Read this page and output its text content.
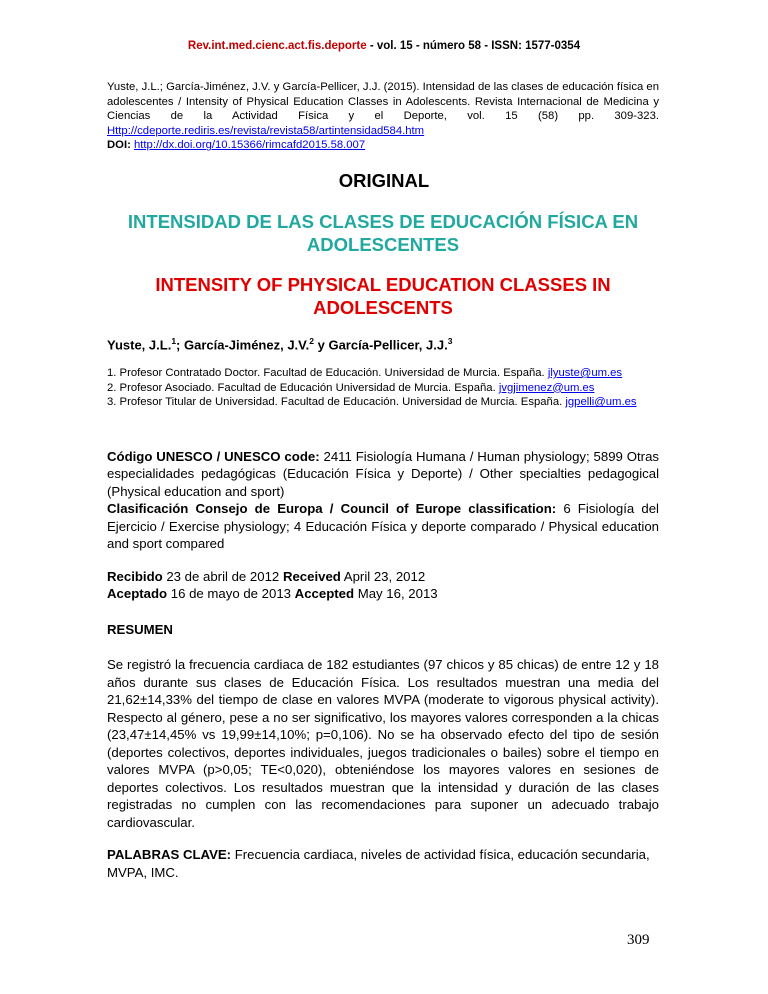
Rev.int.med.cienc.act.fis.deporte - vol. 15 - número 58 - ISSN: 1577-0354
Yuste, J.L.; García-Jiménez, J.V. y García-Pellicer, J.J. (2015). Intensidad de las clases de educación física en adolescentes / Intensity of Physical Education Classes in Adolescents. Revista Internacional de Medicina y Ciencias de la Actividad Física y el Deporte, vol. 15 (58) pp. 309-323. Http://cdeporte.rediris.es/revista/revista58/artintensidad584.htm
DOI: http://dx.doi.org/10.15366/rimcafd2015.58.007
ORIGINAL
INTENSIDAD DE LAS CLASES DE EDUCACIÓN FÍSICA EN ADOLESCENTES
INTENSITY OF PHYSICAL EDUCATION CLASSES IN ADOLESCENTS
Yuste, J.L.$^1$; García-Jiménez, J.V.$^2$ y García-Pellicer, J.J.$^3$

1. Profesor Contratado Doctor. Facultad de Educación. Universidad de Murcia. España. jlyuste@um.es

2. Profesor Asociado. Facultad de Educación Universidad de Murcia. España. jvgjimenez@um.es

3. Profesor Titular de Universidad. Facultad de Educación. Universidad de Murcia. España. jgpelli@um.es

Código UNESCO / UNESCO code: 2411 Fisiología Humana / Human physiology; 5899 Otras especialidades pedagógicas (Educación Física y Deporte) / Other specialties pedagogical (Physical education and sport)

Clasificación Consejo de Europa / Council of Europe classification: 6 Fisiología del Ejercicio / Exercise physiology; 4 Educación Física y deporte comparado / Physical education and sport compared

Recibido 23 de abril de 2012 Received April 23, 2012

Aceptado 16 de mayo de 2013 Accepted May 16, 2013

RESUMEN
Se registró la frecuencia cardiaca de 182 estudiantes (97 chicos y 85 chicas) de entre 12 y 18 años durante sus clases de Educación Física. Los resultados muestran una media del 21,62±14,33% del tiempo de clase en valores MVPA (moderate to vigorous physical activity). Respecto al género, pese a no ser significativo, los mayores valores corresponden a la chicas (23,47±14,45% vs 19,99±14,10%; p=0,106). No se ha observado efecto del tipo de sesión (deportes colectivos, deportes individuales, juegos tradicionales o bailes) sobre el tiempo en valores MVPA (p>0,05; TE<0,020), obteniéndose los mayores valores en sesiones de deportes colectivos. Los resultados muestran que la intensidad y duración de las clases registradas no cumplen con las recomendaciones para suponer un adecuado trabajo cardiovascular.
PALABRAS CLAVE: Frecuencia cardiaca, niveles de actividad física, educación secundaria, MVPA, IMC.
309
